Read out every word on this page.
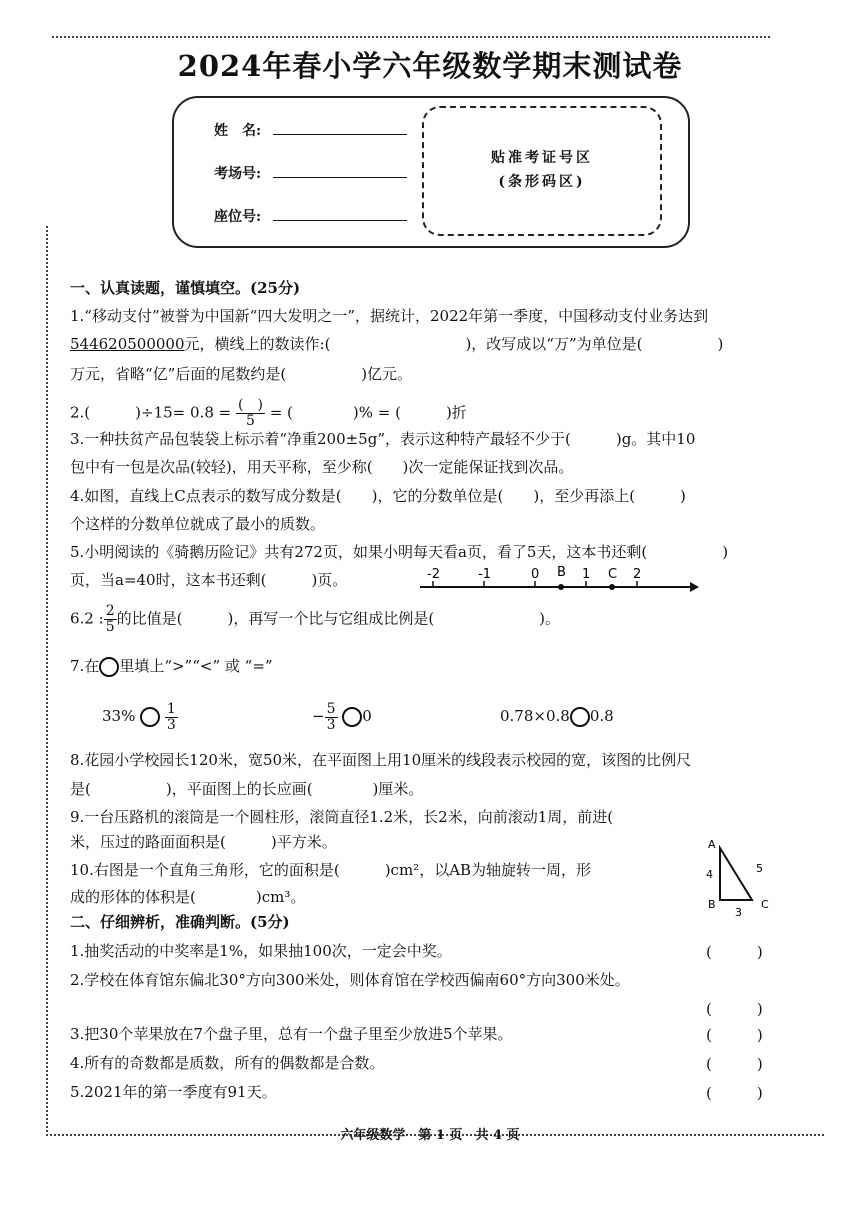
2024年春小学六年级数学期末测试卷
姓　名:
考场号:
座位号:
贴准考证号区
(条形码区)
一、认真读题，谨慎填空。(25分)
1.“移动支付”被誉为中国新“四大发明之一”，据统计，2022年第一季度，中国移动支付业务达到
544620500000元，横线上的数读作:(　　　　　　　　　)，改写成以“万”为单位是(　　　　　)
万元，省略“亿”后面的尾数约是(　　　　　)亿元。
2.(　　　)$\div 15= 0.8 = \frac{( )}{5}$ = (　　　　)% = (　　　)折
3.一种扶贫产品包装袋上标示着“净重200±5g”，表示这种特产最轻不少于(　　　)g。其中10
包中有一包是次品(较轻)，用天平称，至少称(　　)次一定能保证找到次品。
4.如图，直线上C点表示的数写成分数是(　　)，它的分数单位是(　　)，至少再添上(　　　)
个这样的分数单位就成了最小的质数。
5.小明阅读的《骑鹅历险记》共有272页，如果小明每天看a页，看了5天，这本书还剩(　　　　　)
页，当a=40时，这本书还剩(　　　)页。	-2	-1	0 B 1 C 2
6.2 : $\frac{2}{5}$ 的比值是(　　　)，再写一个比与它组成比例是(　　　　　　　)。
7.在 里填上“>”“<” 或 “=”
$33\% \frac{1}{3}$	− $\frac{5}{3} 0$	0.78×0.8 0.8
8.花园小学校园长120米，宽50米，在平面图上用10厘米的线段表示校园的宽，该图的比例尺
是(　　　　　)，平面图上的长应画(　　　　)厘米。
9.一台压路机的滚筒是一个圆柱形，滚筒直径1.2米，长2米，向前滚动1周，前进(
米，压过的路面面积是(　　　)平方米。
10.右图是一个直角三角形，它的面积是(　　　)cm²，以AB为轴旋转一周，形
成的形体的体积是(　　　　)cm³。
A
B	C
4	5
3
二、仔细辨析，准确判断。(5分)
1.抽奖活动的中奖率是1%，如果抽100次，一定会中奖。	(　　　)
2.学校在体育馆东偏北30°方向300米处，则体育馆在学校西偏南60°方向300米处。
(　　　)
3.把30个苹果放在7个盘子里，总有一个盘子里至少放进5个苹果。	(　　　)
4.所有的奇数都是质数，所有的偶数都是合数。	(　　　)
5.2021年的第一季度有91天。	(　　　)
六年级数学　第 1 页　共 4 页
